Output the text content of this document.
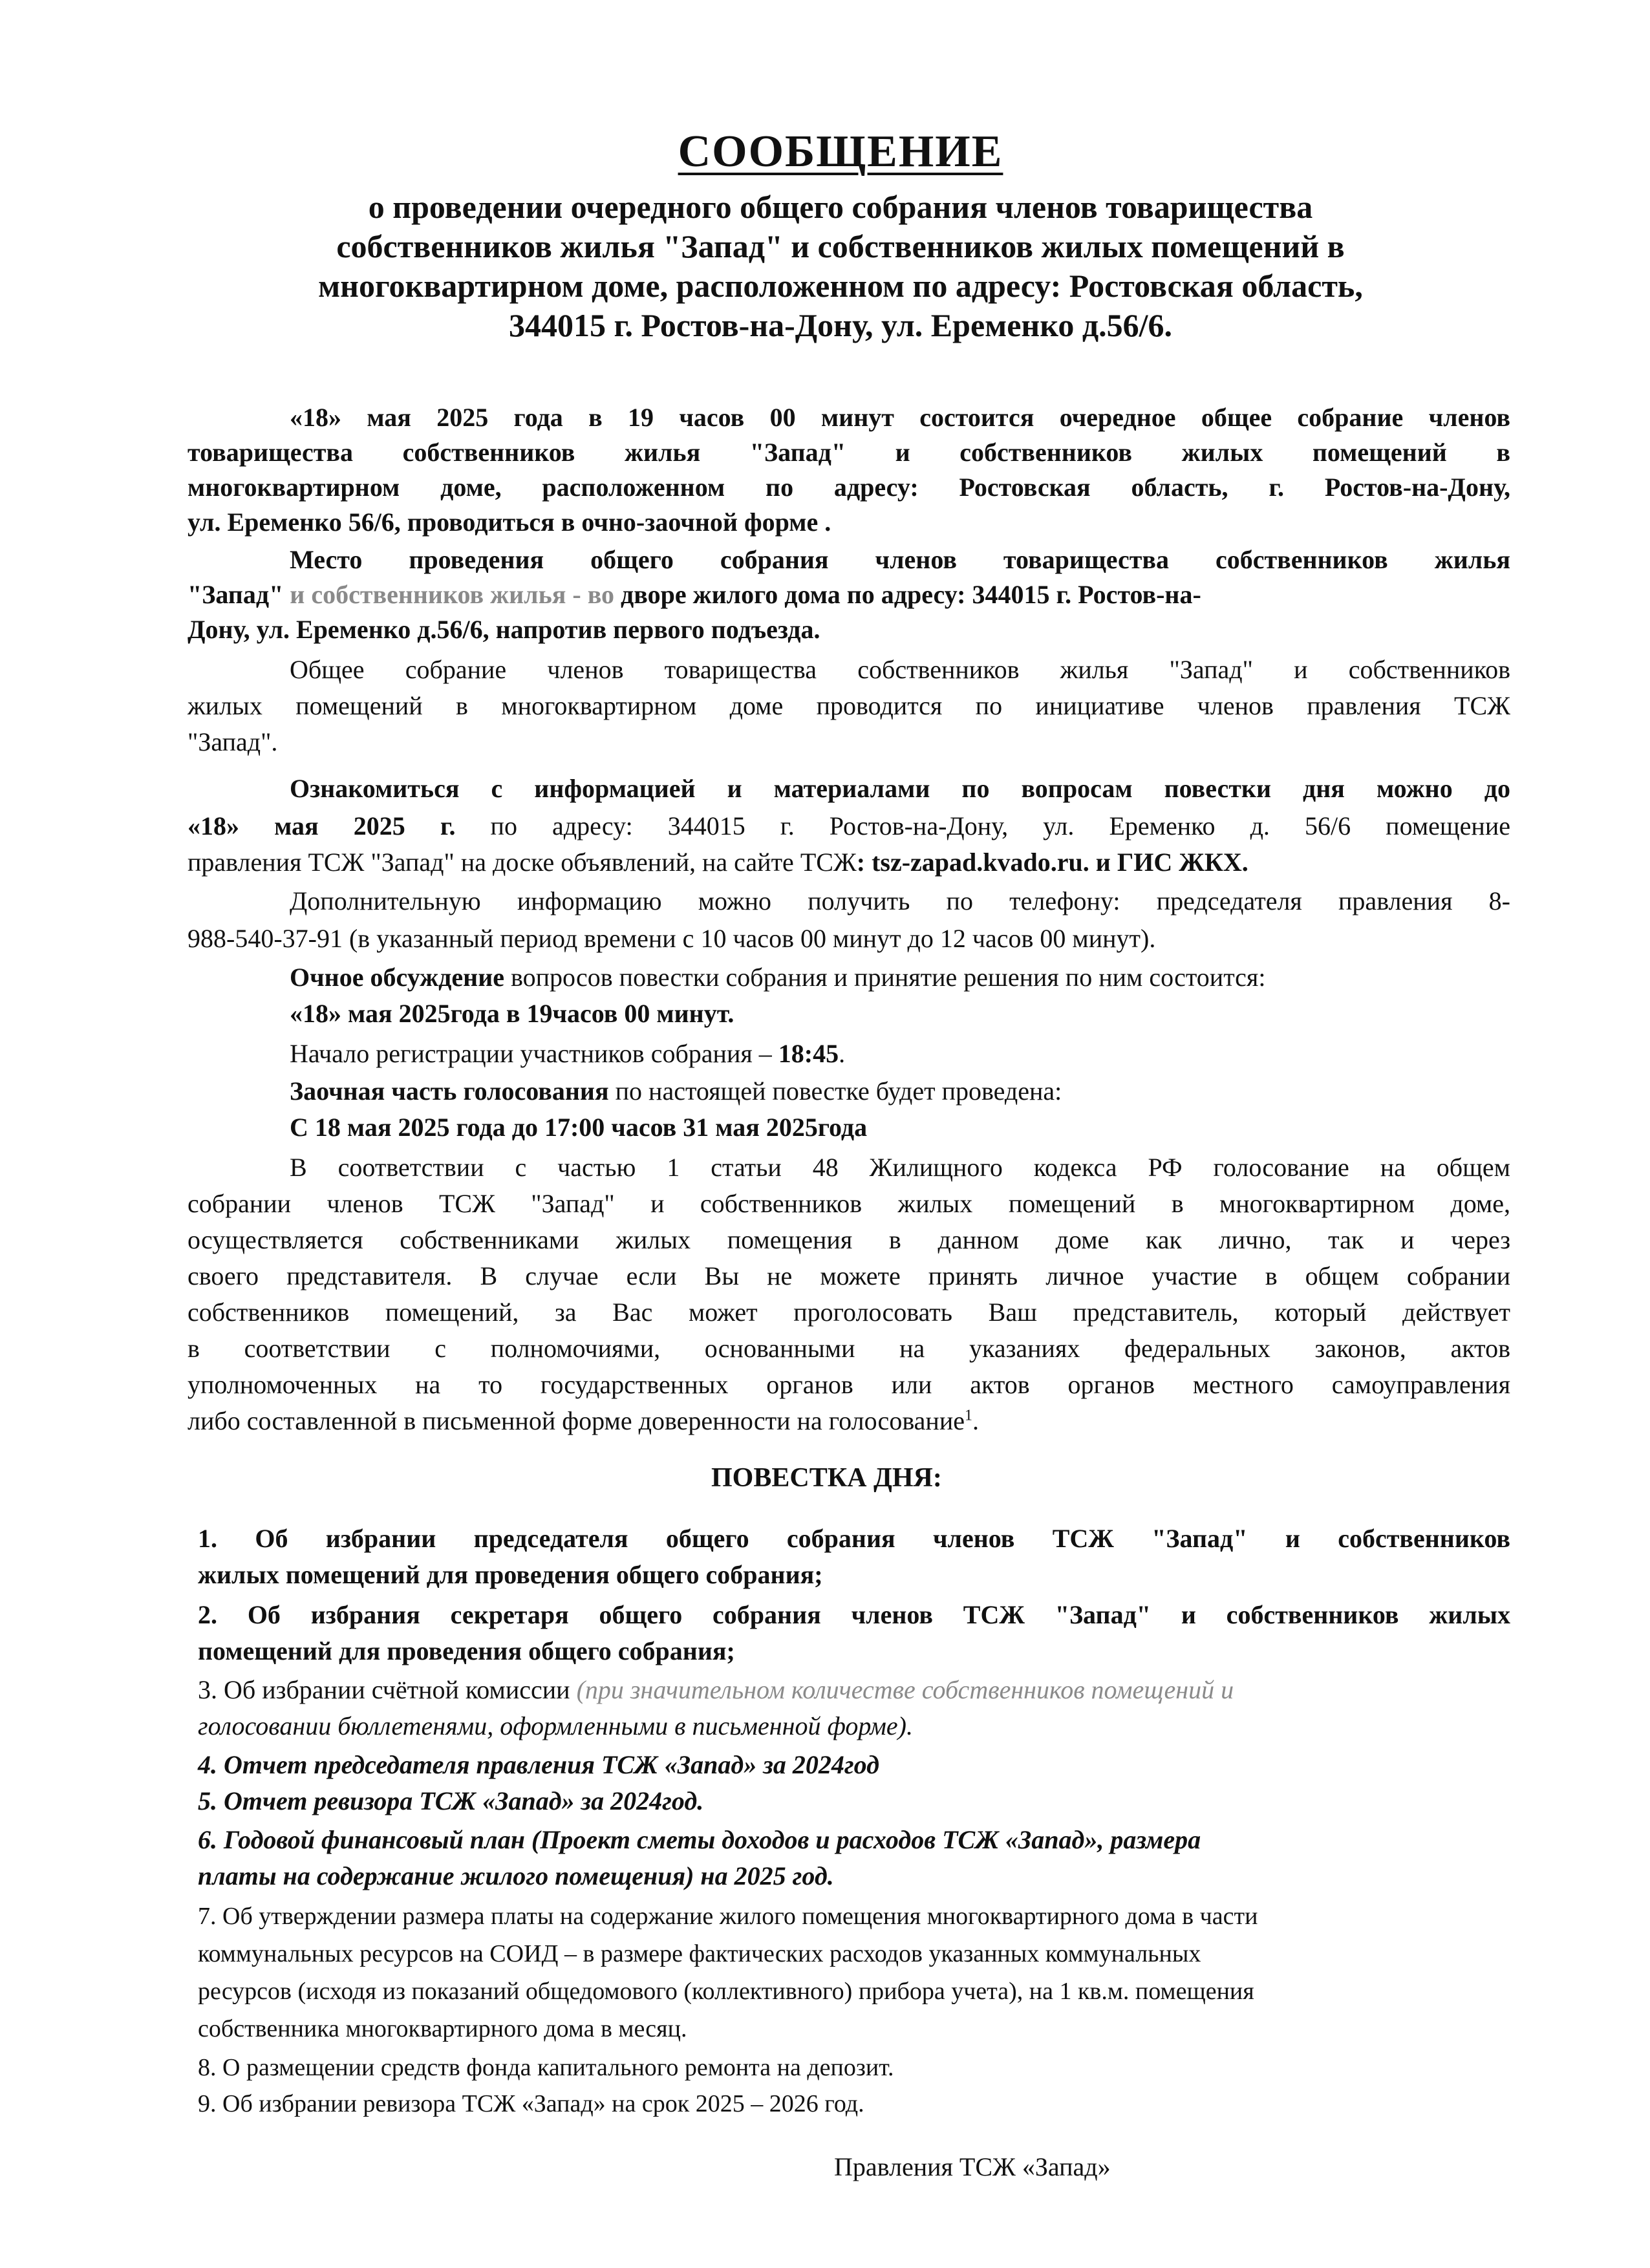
СООБЩЕНИЕ
о проведении очередного общего собрания членов товарищества
собственников жилья "Запад" и собственников жилых помещений в
многоквартирном доме, расположенном по адресу: Ростовская область,
344015 г. Ростов-на-Дону, ул. Еременко д.56/6.
«18» мая 2025 года в 19 часов 00 минут состоится очередное общее собрание членов
товарищества собственников жилья "Запад" и собственников жилых помещений в
многоквартирном доме, расположенном по адресу: Ростовская область, г. Ростов-на-Дону,
ул. Еременко 56/6, проводиться в очно-заочной форме .
Место проведения общего собрания членов товарищества собственников жилья
"Запад" и собственников жилья - во дворе жилого дома по адресу: 344015 г. Ростов-на-
Дону, ул. Еременко д.56/6, напротив первого подъезда.
Общее собрание членов товарищества собственников жилья "Запад" и собственников
жилых помещений в многоквартирном доме проводится по инициативе членов правления ТСЖ
"Запад".
Ознакомиться с информацией и материалами по вопросам повестки дня можно до
«18» мая 2025 г. по адресу: 344015 г. Ростов-на-Дону, ул. Еременко д. 56/6 помещение
правления ТСЖ "Запад" на доске объявлений, на сайте ТСЖ: tsz-zapad.kvado.ru. и ГИС ЖКХ.
Дополнительную информацию можно получить по телефону: председателя правления 8-
988-540-37-91 (в указанный период времени с 10 часов 00 минут до 12 часов 00 минут).
Очное обсуждение вопросов повестки собрания и принятие решения по ним состоится:
«18» мая 2025года в 19часов 00 минут.
Начало регистрации участников собрания – 18:45.
Заочная часть голосования по настоящей повестке будет проведена:
С 18 мая 2025 года до 17:00 часов 31 мая 2025года
В соответствии с частью 1 статьи 48 Жилищного кодекса РФ голосование на общем
собрании членов ТСЖ "Запад" и собственников жилых помещений в многоквартирном доме,
осуществляется собственниками жилых помещения в данном доме как лично, так и через
своего представителя. В случае если Вы не можете принять личное участие в общем собрании
собственников помещений, за Вас может проголосовать Ваш представитель, который действует
в соответствии с полномочиями, основанными на указаниях федеральных законов, актов
уполномоченных на то государственных органов или актов органов местного самоуправления
либо составленной в письменной форме доверенности на голосование$^1$.
ПОВЕСТКА ДНЯ:
1. Об избрании председателя общего собрания членов ТСЖ "Запад" и собственников
жилых помещений для проведения общего собрания;
2. Об избрания секретаря общего собрания членов ТСЖ "Запад" и собственников жилых
помещений для проведения общего собрания;
3. Об избрании счётной комиссии (при значительном количестве собственников помещений и
голосовании бюллетенями, оформленными в письменной форме).
4. Отчет председателя правления ТСЖ «Запад» за 2024год
5. Отчет ревизора ТСЖ «Запад» за 2024год.
6. Годовой финансовый план (Проект сметы доходов и расходов ТСЖ «Запад», размера
платы на содержание жилого помещения) на 2025 год.
7. Об утверждении размера платы на содержание жилого помещения многоквартирного дома в части
коммунальных ресурсов на СОИД – в размере фактических расходов указанных коммунальных
ресурсов (исходя из показаний общедомового (коллективного) прибора учета), на 1 кв.м. помещения
собственника многоквартирного дома в месяц.
8. О размещении средств фонда капитального ремонта на депозит.
9. Об избрании ревизора ТСЖ «Запад» на срок 2025 – 2026 год.
Правления ТСЖ «Запад»
